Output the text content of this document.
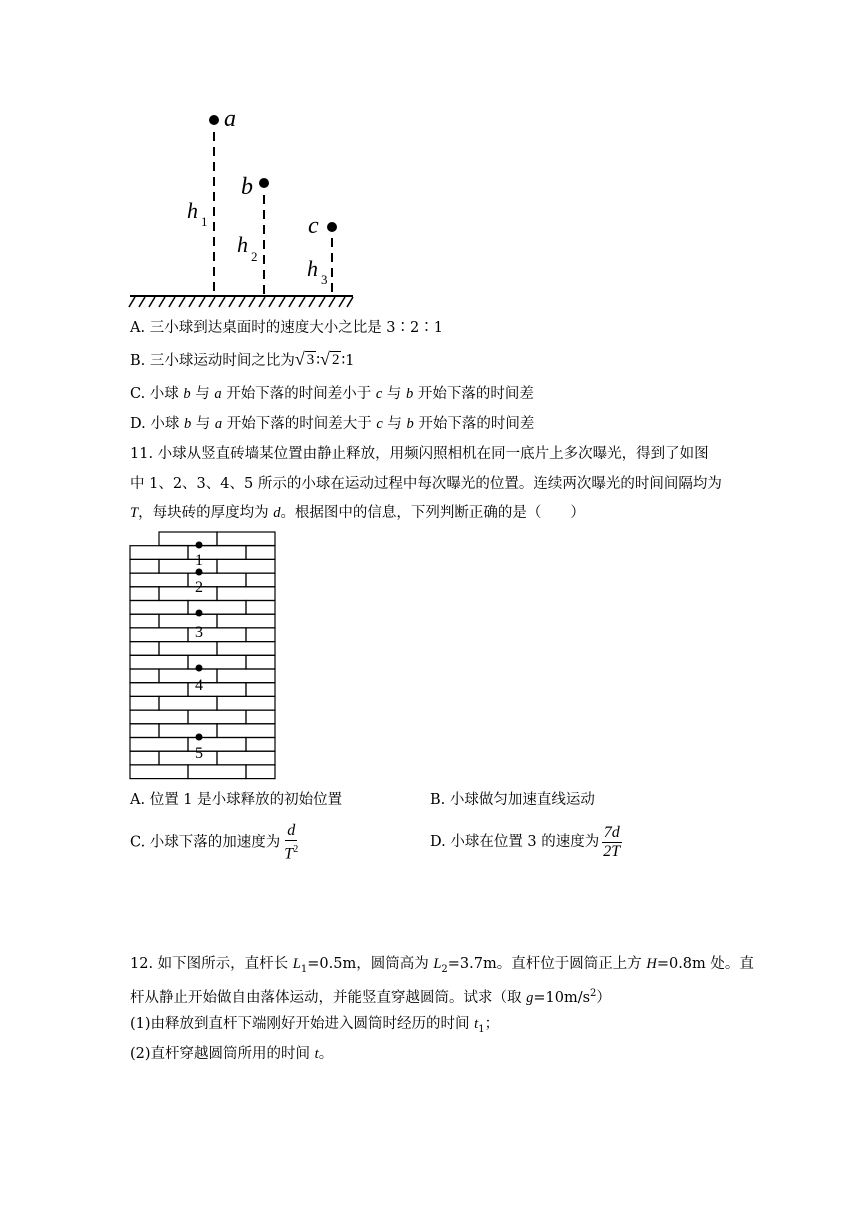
a
b
c
h 1
h 2 h 3
A. 三小球到达桌面时的速度大小之比是 3∶2∶1
B. 三小球运动时间之比为 √ 3 ∶ √ 2 ∶1
C. 小球 b 与 a 开始下落的时间差小于 c 与 b 开始下落的时间差
D. 小球 b 与 a 开始下落的时间差大于 c 与 b 开始下落的时间差
11. 小球从竖直砖墙某位置由静止释放，用频闪照相机在同一底片上多次曝光，得到了如图
中 1、2、3、4、5 所示的小球在运动过程中每次曝光的位置。连续两次曝光的时间间隔均为
T，每块砖的厚度均为 d。根据图中的信息，下列判断正确的是（　　）
1
2
3
4
5
A. 位置 1 是小球释放的初始位置	B. 小球做匀加速直线运动
C. 小球下落的加速度为 $\frac{d}{T^2}$	D. 小球在位置 3 的速度为 $\frac{7d}{2T}$
12. 如下图所示，直杆长 $L_1=0.5m$，圆筒高为 $L_2=3.7m$。直杆位于圆筒正上方 H=0.8m 处。直
杆从静止开始做自由落体运动，并能竖直穿越圆筒。试求（取 $g=10m/s^2$）
(1)由释放到直杆下端刚好开始进入圆筒时经历的时间 $t_1$；
(2)直杆穿越圆筒所用的时间 t。
